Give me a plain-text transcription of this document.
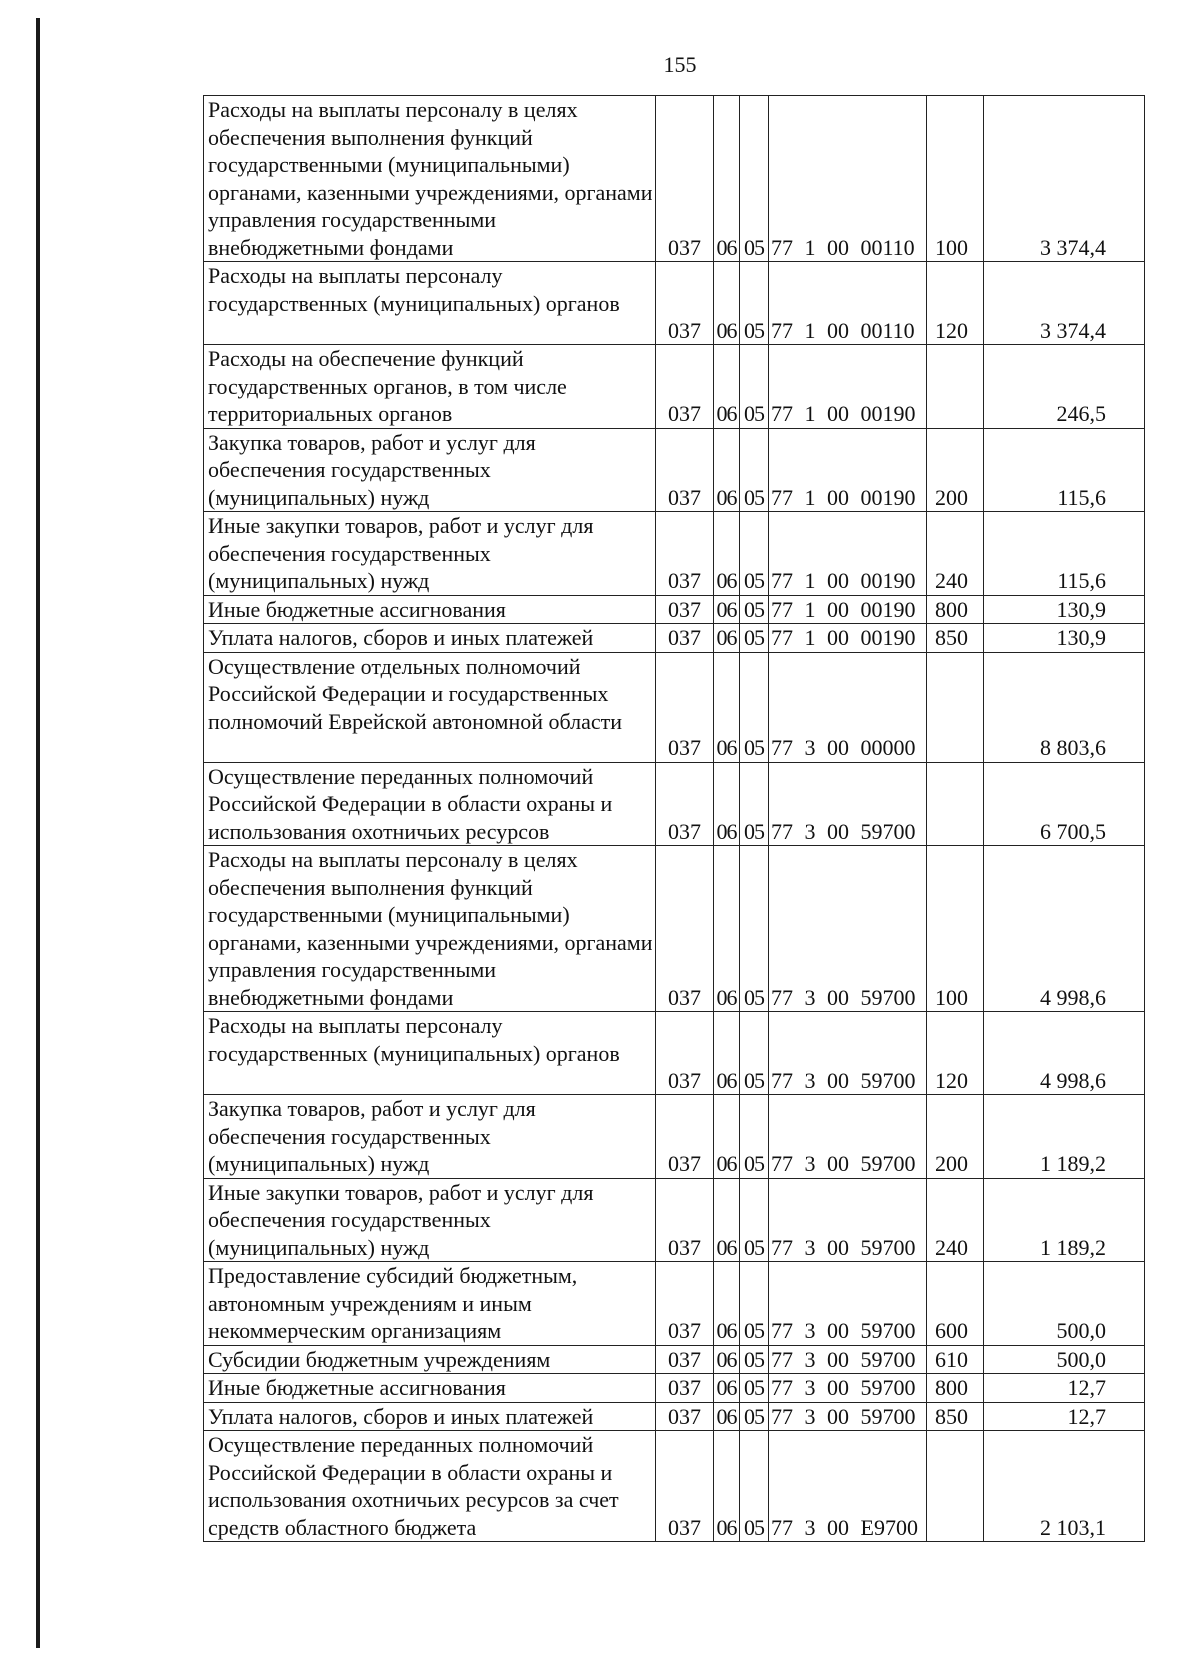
155
Расходы на выплаты персоналу в целях обеспечения выполнения функций государственными (муниципальными) органами, казенными учреждениями, органами управления государственными внебюджетными фондами	037	06	05	77 1 00 00110	100	3 374,4
Расходы на выплаты персоналу государственных (муниципальных) органов	037	06	05	77 1 00 00110	120	3 374,4
Расходы на обеспечение функций государственных органов, в том числе территориальных органов	037	06	05	77 1 00 00190		246,5
Закупка товаров, работ и услуг для обеспечения государственных (муниципальных) нужд	037	06	05	77 1 00 00190	200	115,6
Иные закупки товаров, работ и услуг для обеспечения государственных (муниципальных) нужд	037	06	05	77 1 00 00190	240	115,6
Иные бюджетные ассигнования	037	06	05	77 1 00 00190	800	130,9
Уплата налогов, сборов и иных платежей	037	06	05	77 1 00 00190	850	130,9
Осуществление отдельных полномочий Российской Федерации и государственных полномочий Еврейской автономной области	037	06	05	77 3 00 00000		8 803,6
Осуществление переданных полномочий Российской Федерации в области охраны и использования охотничьих ресурсов	037	06	05	77 3 00 59700		6 700,5
Расходы на выплаты персоналу в целях обеспечения выполнения функций государственными (муниципальными) органами, казенными учреждениями, органами управления государственными внебюджетными фондами	037	06	05	77 3 00 59700	100	4 998,6
Расходы на выплаты персоналу государственных (муниципальных) органов	037	06	05	77 3 00 59700	120	4 998,6
Закупка товаров, работ и услуг для обеспечения государственных (муниципальных) нужд	037	06	05	77 3 00 59700	200	1 189,2
Иные закупки товаров, работ и услуг для обеспечения государственных (муниципальных) нужд	037	06	05	77 3 00 59700	240	1 189,2
Предоставление субсидий бюджетным, автономным учреждениям и иным некоммерческим организациям	037	06	05	77 3 00 59700	600	500,0
Субсидии бюджетным учреждениям	037	06	05	77 3 00 59700	610	500,0
Иные бюджетные ассигнования	037	06	05	77 3 00 59700	800	12,7
Уплата налогов, сборов и иных платежей	037	06	05	77 3 00 59700	850	12,7
Осуществление переданных полномочий Российской Федерации в области охраны и использования охотничьих ресурсов за счет средств областного бюджета	037	06	05	77 3 00 Е9700		2 103,1
